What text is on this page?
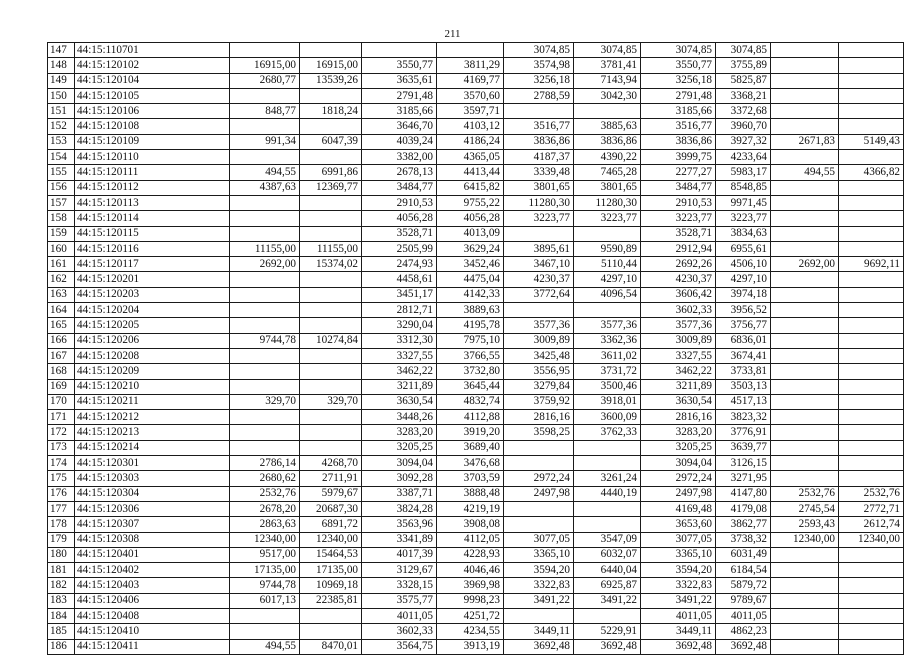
211
147	44:15:110701					3074,85	3074,85	3074,85	3074,85		
148	44:15:120102	16915,00	16915,00	3550,77	3811,29	3574,98	3781,41	3550,77	3755,89		
149	44:15:120104	2680,77	13539,26	3635,61	4169,77	3256,18	7143,94	3256,18	5825,87		
150	44:15:120105			2791,48	3570,60	2788,59	3042,30	2791,48	3368,21		
151	44:15:120106	848,77	1818,24	3185,66	3597,71			3185,66	3372,68		
152	44:15:120108			3646,70	4103,12	3516,77	3885,63	3516,77	3960,70		
153	44:15:120109	991,34	6047,39	4039,24	4186,24	3836,86	3836,86	3836,86	3927,32	2671,83	5149,43
154	44:15:120110			3382,00	4365,05	4187,37	4390,22	3999,75	4233,64		
155	44:15:120111	494,55	6991,86	2678,13	4413,44	3339,48	7465,28	2277,27	5983,17	494,55	4366,82
156	44:15:120112	4387,63	12369,77	3484,77	6415,82	3801,65	3801,65	3484,77	8548,85		
157	44:15:120113			2910,53	9755,22	11280,30	11280,30	2910,53	9971,45		
158	44:15:120114			4056,28	4056,28	3223,77	3223,77	3223,77	3223,77		
159	44:15:120115			3528,71	4013,09			3528,71	3834,63		
160	44:15:120116	11155,00	11155,00	2505,99	3629,24	3895,61	9590,89	2912,94	6955,61		
161	44:15:120117	2692,00	15374,02	2474,93	3452,46	3467,10	5110,44	2692,26	4506,10	2692,00	9692,11
162	44:15:120201			4458,61	4475,04	4230,37	4297,10	4230,37	4297,10		
163	44:15:120203			3451,17	4142,33	3772,64	4096,54	3606,42	3974,18		
164	44:15:120204			2812,71	3889,63			3602,33	3956,52		
165	44:15:120205			3290,04	4195,78	3577,36	3577,36	3577,36	3756,77		
166	44:15:120206	9744,78	10274,84	3312,30	7975,10	3009,89	3362,36	3009,89	6836,01		
167	44:15:120208			3327,55	3766,55	3425,48	3611,02	3327,55	3674,41		
168	44:15:120209			3462,22	3732,80	3556,95	3731,72	3462,22	3733,81		
169	44:15:120210			3211,89	3645,44	3279,84	3500,46	3211,89	3503,13		
170	44:15:120211	329,70	329,70	3630,54	4832,74	3759,92	3918,01	3630,54	4517,13		
171	44:15:120212			3448,26	4112,88	2816,16	3600,09	2816,16	3823,32		
172	44:15:120213			3283,20	3919,20	3598,25	3762,33	3283,20	3776,91		
173	44:15:120214			3205,25	3689,40			3205,25	3639,77		
174	44:15:120301	2786,14	4268,70	3094,04	3476,68			3094,04	3126,15		
175	44:15:120303	2680,62	2711,91	3092,28	3703,59	2972,24	3261,24	2972,24	3271,95		
176	44:15:120304	2532,76	5979,67	3387,71	3888,48	2497,98	4440,19	2497,98	4147,80	2532,76	2532,76
177	44:15:120306	2678,20	20687,30	3824,28	4219,19			4169,48	4179,08	2745,54	2772,71
178	44:15:120307	2863,63	6891,72	3563,96	3908,08			3653,60	3862,77	2593,43	2612,74
179	44:15:120308	12340,00	12340,00	3341,89	4112,05	3077,05	3547,09	3077,05	3738,32	12340,00	12340,00
180	44:15:120401	9517,00	15464,53	4017,39	4228,93	3365,10	6032,07	3365,10	6031,49		
181	44:15:120402	17135,00	17135,00	3129,67	4046,46	3594,20	6440,04	3594,20	6184,54		
182	44:15:120403	9744,78	10969,18	3328,15	3969,98	3322,83	6925,87	3322,83	5879,72		
183	44:15:120406	6017,13	22385,81	3575,77	9998,23	3491,22	3491,22	3491,22	9789,67		
184	44:15:120408			4011,05	4251,72			4011,05	4011,05		
185	44:15:120410			3602,33	4234,55	3449,11	5229,91	3449,11	4862,23		
186	44:15:120411	494,55	8470,01	3564,75	3913,19	3692,48	3692,48	3692,48	3692,48		
